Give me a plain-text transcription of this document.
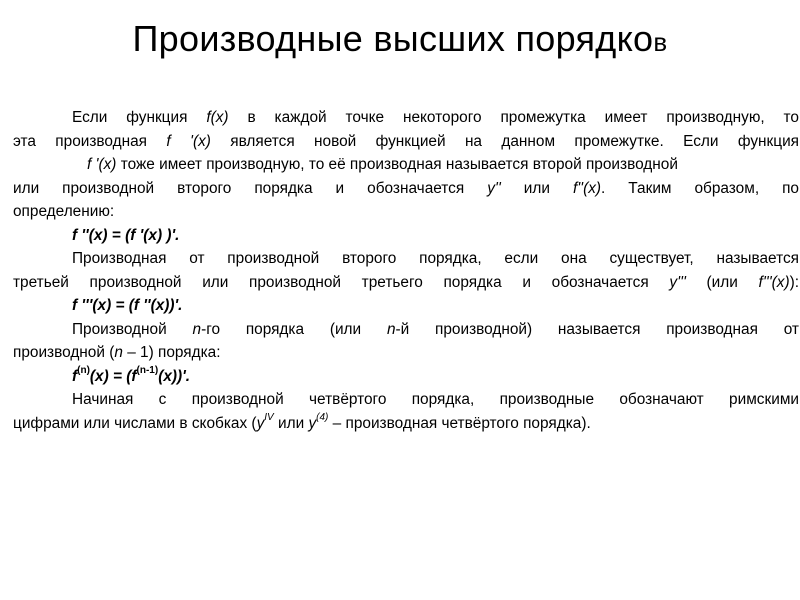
Производные высших порядков
Если функция f(x) в каждой точке некоторого промежутка имеет производную, то
эта производная f '(x) является новой функцией на данном промежутке. Если функция
f '(x) тоже имеет производную, то её производная называется второй производной
или производной второго порядка и обозначается y'' или f''(x). Таким образом, по
определению:
f ''(x) = (f '(x) )'.
Производная от производной второго порядка, если она существует, называется
третьей производной или производной третьего порядка и обозначается y''' (или f'''(x)):
f '''(x) = (f ''(x))'.
Производной n-го порядка (или n-й производной) называется производная от
производной (n – 1) порядка:
$f^{(n)}(x) = (f^{(n-1)}(x))'$.
Начиная с производной четвёртого порядка, производные обозначают римскими
цифрами или числами в скобках ($y^{IV}$ или $y^{(4)}$ – производная четвёртого порядка).
